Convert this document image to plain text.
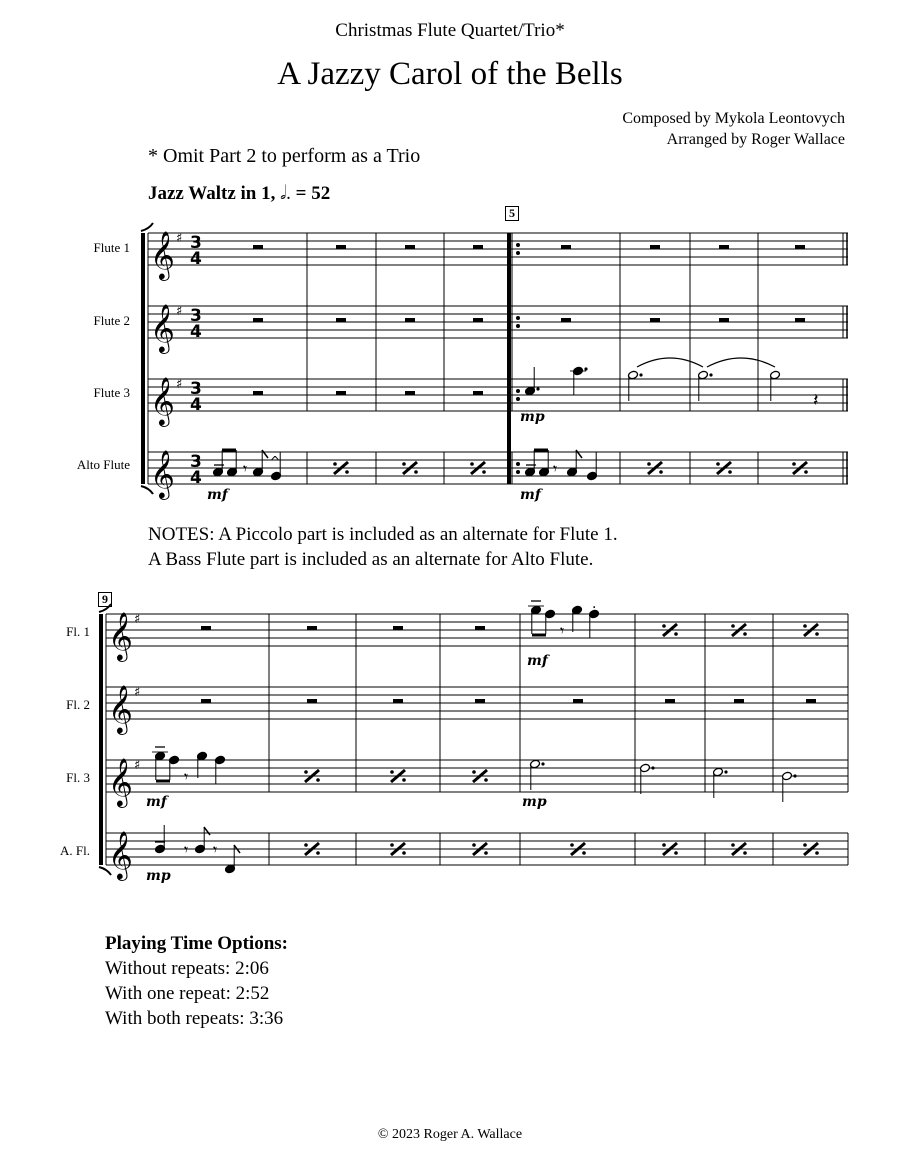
Christmas Flute Quartet/Trio*
A Jazzy Carol of the Bells
Composed by Mykola Leontovych
Arranged by Roger Wallace
* Omit Part 2 to perform as a Trio
Jazz Waltz in 1, 𝅗𝅥. = 52
Flute 1
Flute 2
Flute 3
Alto Flute
5
NOTES: A Piccolo part is included as an alternate for Flute 1.
A Bass Flute part is included as an alternate for Alto Flute.
Fl. 1
Fl. 2
Fl. 3
A. Fl.
9
𝄞 ♯ 3
4
𝄞 ♯ 3
4
𝄞 ♯ 3
4
𝄞 3
4	𝄾 ^	𝄾
𝄽
𝄞 ♯
𝄞 ♯
𝄞 ♯
𝄞
𝄾
.
𝄾
𝄾 𝄾
mf
mp
mf
mf
mf	mp
mp
Playing Time Options:
Without repeats: 2:06
With one repeat: 2:52
With both repeats: 3:36
© 2023 Roger A. Wallace
